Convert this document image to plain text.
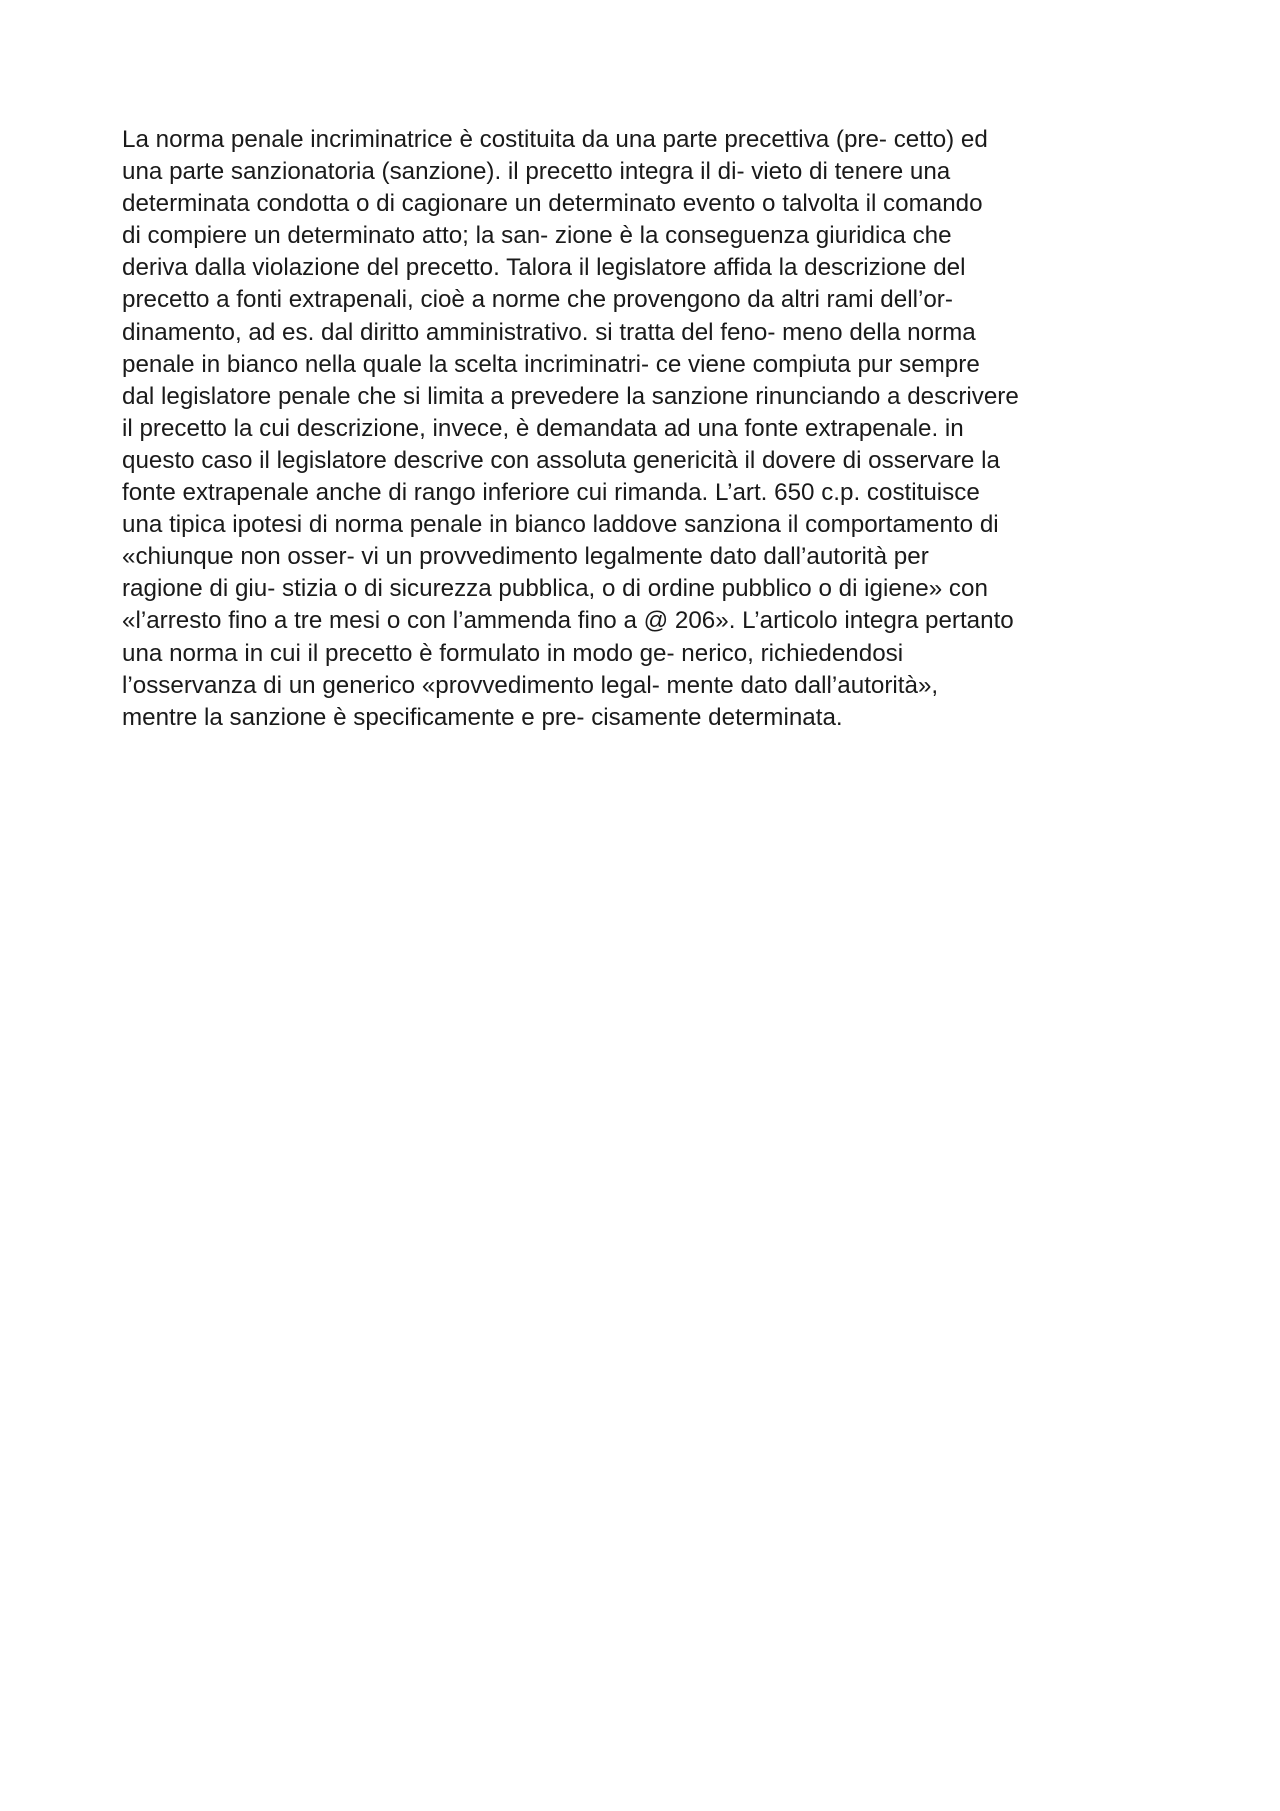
La norma penale incriminatrice è costituita da una parte precettiva (pre- cetto) ed
una parte sanzionatoria (sanzione). il precetto integra il di- vieto di tenere una
determinata condotta o di cagionare un determinato evento o talvolta il comando
di compiere un determinato atto; la san- zione è la conseguenza giuridica che
deriva dalla violazione del precetto. Talora il legislatore affida la descrizione del
precetto a fonti extrapenali, cioè a norme che provengono da altri rami dell’or-
dinamento, ad es. dal diritto amministrativo. si tratta del feno- meno della norma
penale in bianco nella quale la scelta incriminatri- ce viene compiuta pur sempre
dal legislatore penale che si limita a prevedere la sanzione rinunciando a descrivere
il precetto la cui descrizione, invece, è demandata ad una fonte extrapenale. in
questo caso il legislatore descrive con assoluta genericità il dovere di osservare la
fonte extrapenale anche di rango inferiore cui rimanda. L’art. 650 c.p. costituisce
una tipica ipotesi di norma penale in bianco laddove sanziona il comportamento di
«chiunque non osser- vi un provvedimento legalmente dato dall’autorità per
ragione di giu- stizia o di sicurezza pubblica, o di ordine pubblico o di igiene» con
«l’arresto fino a tre mesi o con l’ammenda fino a @ 206». L’articolo integra pertanto
una norma in cui il precetto è formulato in modo ge- nerico, richiedendosi
l’osservanza di un generico «provvedimento legal- mente dato dall’autorità»,
mentre la sanzione è specificamente e pre- cisamente determinata.
